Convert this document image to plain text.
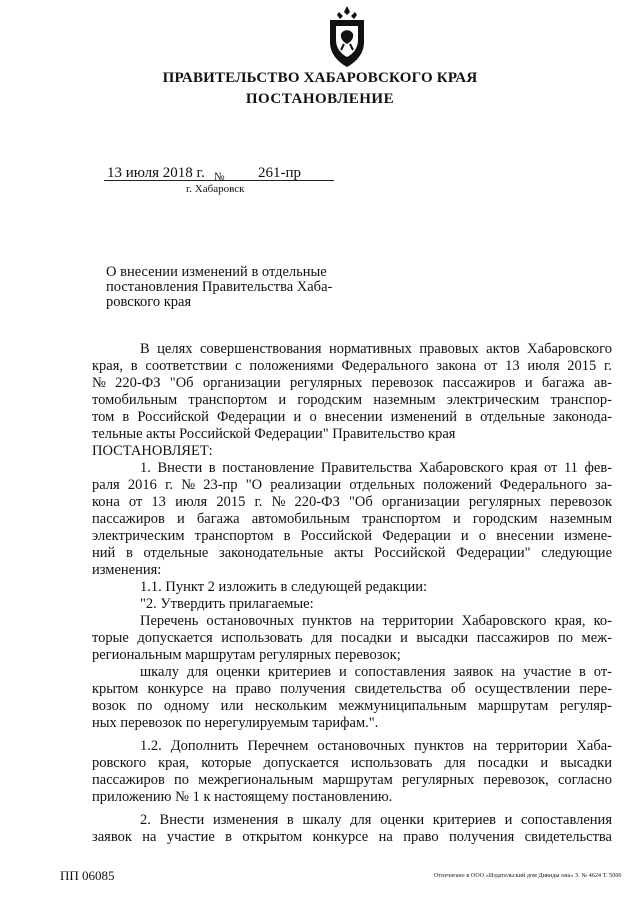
ПРАВИТЕЛЬСТВО ХАБАРОВСКОГО КРАЯ
ПОСТАНОВЛЕНИЕ
13 июля 2018 г. № 261-пр
г. Хабаровск
О внесении изменений в отдельные
постановления Правительства Хаба-
ровского края
В целях совершенствования нормативных правовых актов Хабаровского
края, в соответствии с положениями Федерального закона от 13 июля 2015 г.
№ 220-ФЗ "Об организации регулярных перевозок пассажиров и багажа ав-
томобильным транспортом и городским наземным электрическим транспор-
том в Российской Федерации и о внесении изменений в отдельные законода-
тельные акты Российской Федерации" Правительство края
ПОСТАНОВЛЯЕТ:
1. Внести в постановление Правительства Хабаровского края от 11 фев-
раля 2016 г. № 23-пр "О реализации отдельных положений Федерального за-
кона от 13 июля 2015 г. № 220-ФЗ "Об организации регулярных перевозок
пассажиров и багажа автомобильным транспортом и городским наземным
электрическим транспортом в Российской Федерации и о внесении измене-
ний в отдельные законодательные акты Российской Федерации" следующие
изменения:
1.1. Пункт 2 изложить в следующей редакции:
"2. Утвердить прилагаемые:
Перечень остановочных пунктов на территории Хабаровского края, ко-
торые допускается использовать для посадки и высадки пассажиров по меж-
региональным маршрутам регулярных перевозок;
шкалу для оценки критериев и сопоставления заявок на участие в от-
крытом конкурсе на право получения свидетельства об осуществлении пере-
возок по одному или нескольким межмуниципальным маршрутам регуляр-
ных перевозок по нерегулируемым тарифам.".
1.2. Дополнить Перечнем остановочных пунктов на территории Хаба-
ровского края, которые допускается использовать для посадки и высадки
пассажиров по межрегиональным маршрутам регулярных перевозок, согласно
приложению № 1 к настоящему постановлению.
2. Внести изменения в шкалу для оценки критериев и сопоставления
заявок на участие в открытом конкурсе на право получения свидетельства
ПП 06085	Отпечатано в ООО «Издательский дом Дивиды она» З. № 4624 Т. 5000
